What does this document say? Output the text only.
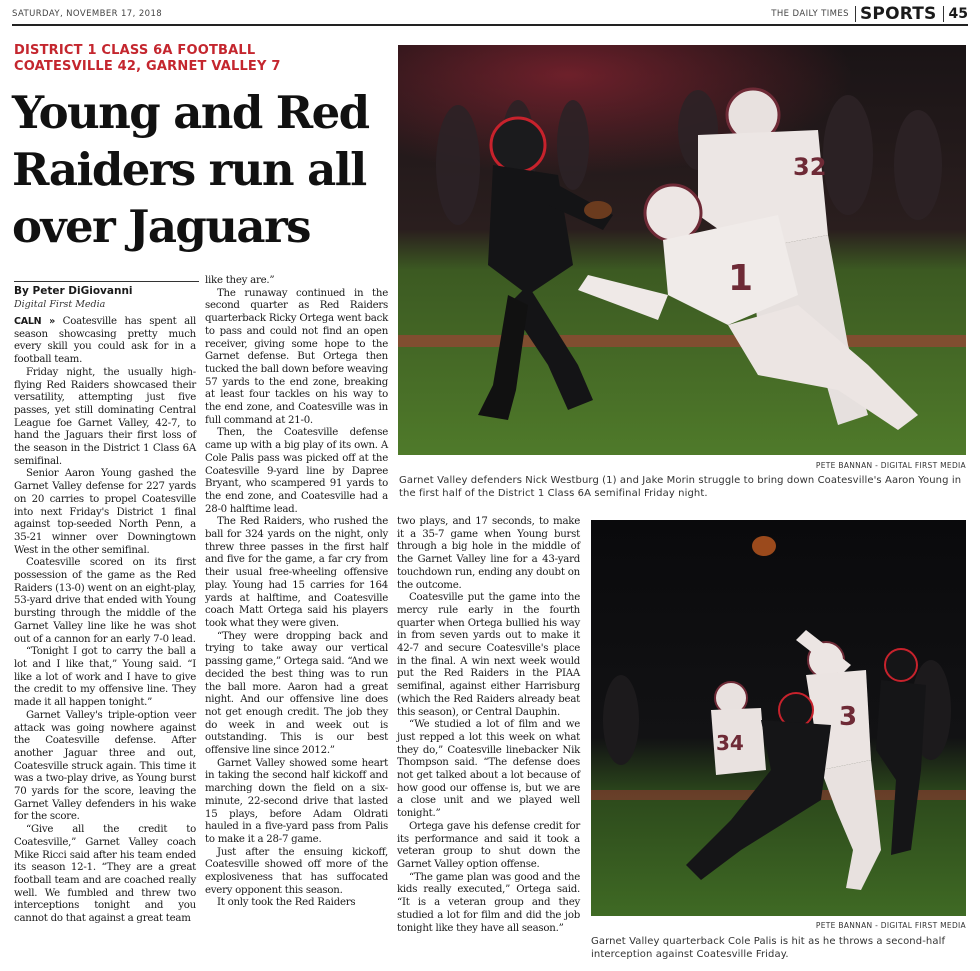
SATURDAY, NOVEMBER 17, 2018	THE DAILY TIMES SPORTS 45
DISTRICT 1 CLASS 6A FOOTBALL
COATESVILLE 42, GARNET VALLEY 7
Young and Red Raiders run all over Jaguars
By Peter DiGiovanni
Digital First Media

CALN » Coatesville has spent all season showcasing pretty much every skill you could ask for in a football team.

Friday night, the usually high-flying Red Raiders showcased their versatility, attempting just five passes, yet still dominating Central League foe Garnet Valley, 42-7, to hand the Jaguars their first loss of the season in the District 1 Class 6A semifinal.

Senior Aaron Young gashed the Garnet Valley defense for 227 yards on 20 carries to propel Coatesville into next Friday's District 1 final against top-seeded North Penn, a 35-21 winner over Downingtown West in the other semifinal.

Coatesville scored on its first possession of the game as the Red Raiders (13-0) went on an eight-play, 53-yard drive that ended with Young bursting through the middle of the Garnet Valley line like he was shot out of a cannon for an early 7-0 lead.

“Tonight I got to carry the ball a lot and I like that,” Young said. “I like a lot of work and I have to give the credit to my offensive line. They made it all happen tonight.”

Garnet Valley's triple-option veer attack was going nowhere against the Coatesville defense. After another Jaguar three and out, Coatesville struck again. This time it was a two-play drive, as Young burst 70 yards for the score, leaving the Garnet Valley defenders in his wake for the score.

“Give all the credit to Coatesville,” Garnet Valley coach Mike Ricci said after his team ended its season 12-1. “They are a great football team and are coached really well. We fumbled and threw two interceptions tonight and you cannot do that against a great team

like they are.”

The runaway continued in the second quarter as Red Raiders quarterback Ricky Ortega went back to pass and could not find an open receiver, giving some hope to the Garnet defense. But Ortega then tucked the ball down before weaving 57 yards to the end zone, breaking at least four tackles on his way to the end zone, and Coatesville was in full command at 21-0.

Then, the Coatesville defense came up with a big play of its own. A Cole Palis pass was picked off at the Coatesville 9-yard line by Dapree Bryant, who scampered 91 yards to the end zone, and Coatesville had a 28-0 halftime lead.

The Red Raiders, who rushed the ball for 324 yards on the night, only threw three passes in the first half and five for the game, a far cry from their usual free-wheeling offensive play. Young had 15 carries for 164 yards at halftime, and Coatesville coach Matt Ortega said his players took what they were given.

“They were dropping back and trying to take away our vertical passing game,” Ortega said. “And we decided the best thing was to run the ball more. Aaron had a great night. And our offensive line does not get enough credit. The job they do week in and week out is outstanding. This is our best offensive line since 2012.”

Garnet Valley showed some heart in taking the second half kickoff and marching down the field on a six-minute, 22-second drive that lasted 15 plays, before Adam Oldrati hauled in a five-yard pass from Palis to make it a 28-7 game.

Just after the ensuing kickoff, Coatesville showed off more of the explosiveness that has suffocated every opponent this season.

It only took the Red Raiders

two plays, and 17 seconds, to make it a 35-7 game when Young burst through a big hole in the middle of the Garnet Valley line for a 43-yard touchdown run, ending any doubt on the outcome.

Coatesville put the game into the mercy rule early in the fourth quarter when Ortega bullied his way in from seven yards out to make it 42-7 and secure Coatesville's place in the final. A win next week would put the Red Raiders in the PIAA semifinal, against either Harrisburg (which the Red Raiders already beat this season), or Central Dauphin.

“We studied a lot of film and we just repped a lot this week on what they do,” Coatesville linebacker Nik Thompson said. “The defense does not get talked about a lot because of how good our offense is, but we are a close unit and we played well tonight.”

Ortega gave his defense credit for its performance and said it took a veteran group to shut down the Garnet Valley option offense.

“The game plan was good and the kids really executed,” Ortega said. “It is a veteran group and they studied a lot for film and did the job tonight like they have all season.”

32
1
PETE BANNAN - DIGITAL FIRST MEDIA
Garnet Valley defenders Nick Westburg (1) and Jake Morin struggle to bring down Coatesville's Aaron Young in the first half of the District 1 Class 6A semifinal Friday night.
3
34
PETE BANNAN - DIGITAL FIRST MEDIA
Garnet Valley quarterback Cole Palis is hit as he throws a second-half interception against Coatesville Friday.
